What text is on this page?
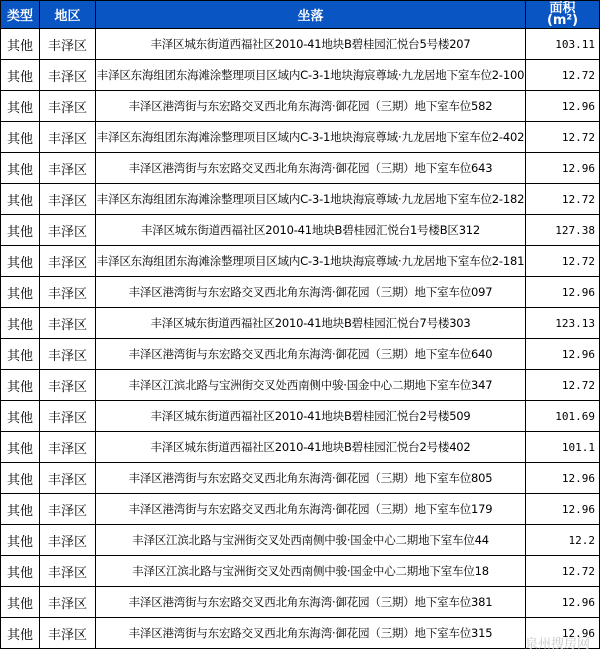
类型	地区	坐落	面积
(m²)

其他	丰泽区	丰泽区城东街道西福社区2010-41地块B碧桂园汇悦台5号楼207	103.11
其他	丰泽区	丰泽区东海组团东海滩涂整理项目区域内C-3-1地块海宸尊域·九龙居地下室车位2-100	12.72
其他	丰泽区	丰泽区港湾街与东宏路交叉西北角东海湾·御花园（三期）地下室车位582	12.96
其他	丰泽区	丰泽区东海组团东海滩涂整理项目区域内C-3-1地块海宸尊域·九龙居地下室车位2-402	12.72
其他	丰泽区	丰泽区港湾街与东宏路交叉西北角东海湾·御花园（三期）地下室车位643	12.96
其他	丰泽区	丰泽区东海组团东海滩涂整理项目区域内C-3-1地块海宸尊域·九龙居地下室车位2-182	12.72
其他	丰泽区	丰泽区城东街道西福社区2010-41地块B碧桂园汇悦台1号楼B区312	127.38
其他	丰泽区	丰泽区东海组团东海滩涂整理项目区域内C-3-1地块海宸尊域·九龙居地下室车位2-181	12.72
其他	丰泽区	丰泽区港湾街与东宏路交叉西北角东海湾·御花园（三期）地下室车位097	12.96
其他	丰泽区	丰泽区城东街道西福社区2010-41地块B碧桂园汇悦台7号楼303	123.13
其他	丰泽区	丰泽区港湾街与东宏路交叉西北角东海湾·御花园（三期）地下室车位640	12.96
其他	丰泽区	丰泽区江滨北路与宝洲街交叉处西南侧中骏·国金中心二期地下室车位347	12.72
其他	丰泽区	丰泽区城东街道西福社区2010-41地块B碧桂园汇悦台2号楼509	101.69
其他	丰泽区	丰泽区城东街道西福社区2010-41地块B碧桂园汇悦台2号楼402	101.1
其他	丰泽区	丰泽区港湾街与东宏路交叉西北角东海湾·御花园（三期）地下室车位805	12.96
其他	丰泽区	丰泽区港湾街与东宏路交叉西北角东海湾·御花园（三期）地下室车位179	12.96
其他	丰泽区	丰泽区江滨北路与宝洲街交叉处西南侧中骏·国金中心二期地下室车位44	12.2
其他	丰泽区	丰泽区江滨北路与宝洲街交叉处西南侧中骏·国金中心二期地下室车位18	12.72
其他	丰泽区	丰泽区港湾街与东宏路交叉西北角东海湾·御花园（三期）地下室车位381	12.96
其他	丰泽区	丰泽区港湾街与东宏路交叉西北角东海湾·御花园（三期）地下室车位315	12.96
泉州搜房网
